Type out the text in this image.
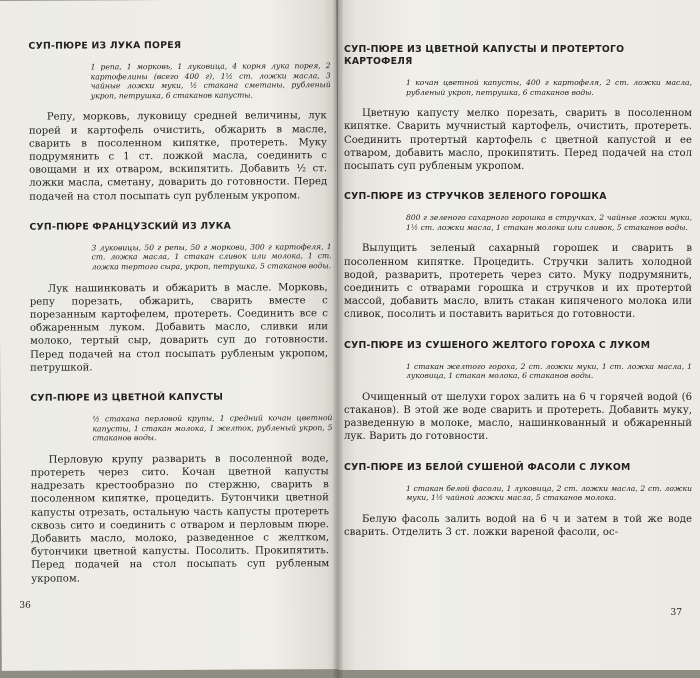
СУП-ПЮРЕ ИЗ ЛУКА ПОРЕЯ
1 репа, 1 морковь, 1 луковица, 4 корня лука порея, 2 картофелины (всего 400 г), 1½ ст. ложки масла, 3 чайные ложки муки, ½ стакана сметаны, рубленый укроп, петрушка, 6 стаканов капусты.
Репу, морковь, луковицу средней величины, лук порей и картофель очистить, обжарить в масле, сварить в посоленном кипятке, протереть. Муку подрумянить с 1 ст. ложкой масла, соединить с овощами и их отваром, вскипятить. Добавить ½ ст. ложки масла, сметану, доварить до готовности. Перед подачей на стол посыпать суп рубленым укропом.
СУП-ПЮРЕ ФРАНЦУЗСКИЙ ИЗ ЛУКА
3 луковицы, 50 г репы, 50 г моркови, 300 г картофеля, 1 ст. ложка масла, 1 стакан сливок или молока, 1 ст. ложка тертого сыра, укроп, петрушка, 5 стаканов воды.
Лук нашинковать и обжарить в масле. Морковь, репу порезать, обжарить, сварить вместе с порезанным картофелем, протереть. Соединить все с обжаренным луком. Добавить масло, сливки или молоко, тертый сыр, доварить суп до готовности. Перед подачей на стол посыпать рубленым укропом, петрушкой.
СУП-ПЮРЕ ИЗ ЦВЕТНОЙ КАПУСТЫ
½ стакана перловой крупы, 1 средний кочан цветной капусты, 1 стакан молока, 1 желток, рубленый укроп, 5 стаканов воды.
Перловую крупу разварить в посоленной воде, протереть через сито. Кочан цветной капусты надрезать крестообразно по стержню, сварить в посоленном кипятке, процедить. Бутончики цветной капусты отрезать, остальную часть капусты протереть сквозь сито и соединить с отваром и перловым пюре. Добавить масло, молоко, разведенное с желтком, бутончики цветной капусты. Посолить. Прокипятить. Перед подачей на стол посыпать суп рубленым укропом.
36
СУП-ПЮРЕ ИЗ ЦВЕТНОЙ КАПУСТЫ И ПРОТЕРТОГО КАРТОФЕЛЯ
1 кочан цветной капусты, 400 г картофеля, 2 ст. ложки масла, рубленый укроп, петрушка, 6 стаканов воды.
Цветную капусту мелко порезать, сварить в посоленном кипятке. Сварить мучнистый картофель, очистить, протереть. Соединить протертый картофель с цветной капустой и ее отваром, добавить масло, прокипятить. Перед подачей на стол посыпать суп рубленым укропом.
СУП-ПЮРЕ ИЗ СТРУЧКОВ ЗЕЛЕНОГО ГОРОШКА
800 г зеленого сахарного горошка в стручках, 2 чайные ложки муки, 1½ ст. ложки масла, 1 стакан молока или сливок, 5 стаканов воды.
Вылущить зеленый сахарный горошек и сварить в посоленном кипятке. Процедить. Стручки залить холодной водой, разварить, протереть через сито. Муку подрумянить, соединить с отварами горошка и стручков и их протертой массой, добавить масло, влить стакан кипяченого молока или сливок, посолить и поставить вариться до готовности.
СУП-ПЮРЕ ИЗ СУШЕНОГО ЖЕЛТОГО ГОРОХА С ЛУКОМ
1 стакан желтого гороха, 2 ст. ложки муки, 1 ст. ложка масла, 1 луковица, 1 стакан молока, 6 стаканов воды.
Очищенный от шелухи горох залить на 6 ч горячей водой (6 стаканов). В этой же воде сварить и протереть. Добавить муку, разведенную в молоке, масло, нашинкованный и обжаренный лук. Варить до готовности.
СУП-ПЮРЕ ИЗ БЕЛОЙ СУШЕНОЙ ФАСОЛИ С ЛУКОМ
1 стакан белой фасоли, 1 луковица, 2 ст. ложки масла, 2 ст. ложки муки, 1½ чайной ложки масла, 5 стаканов молока.
Белую фасоль залить водой на 6 ч и затем в той же воде сварить. Отделить 3 ст. ложки вареной фасоли, ос-
37
